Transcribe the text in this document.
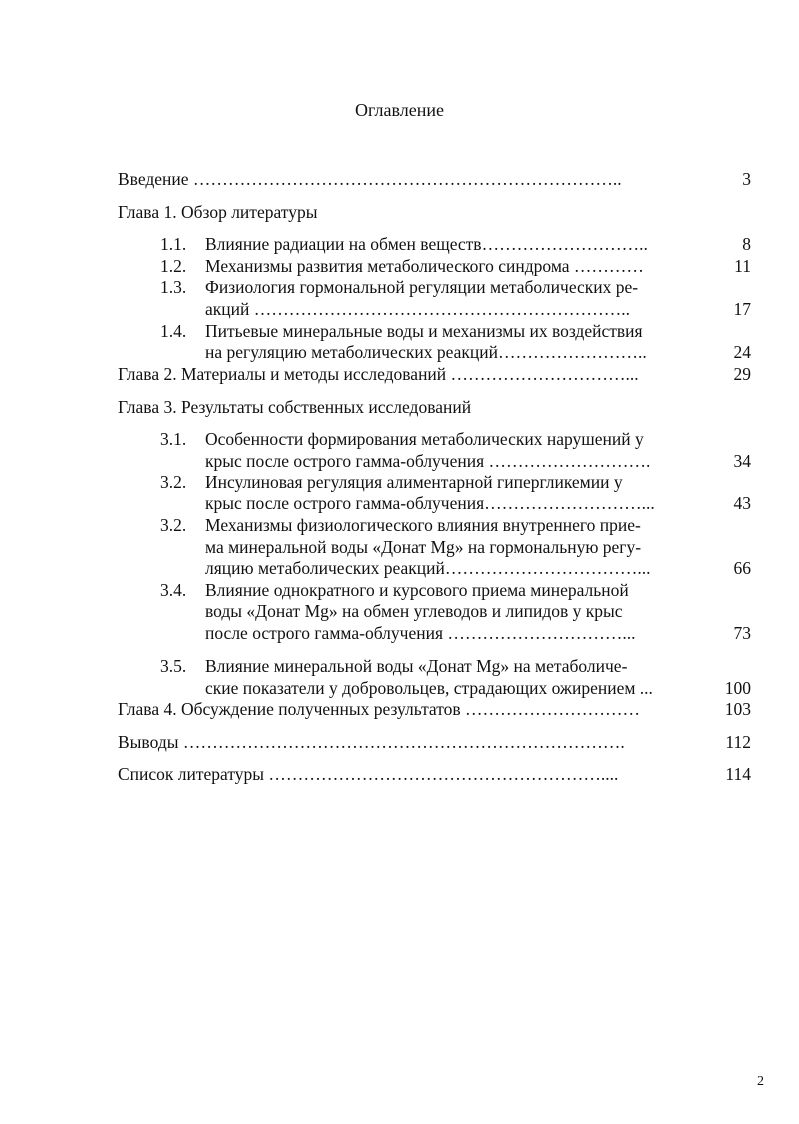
Оглавление
Введение ………………………………………………………………..	3
Глава 1. Обзор литературы
1.1. Влияние радиации на обмен веществ………………………..	8
1.2. Механизмы развития метаболического синдрома …………	11
1.3. Физиология гормональной регуляции метаболических ре-
акций ………………………………………………………..	17
1.4. Питьевые минеральные воды и механизмы их воздействия
на регуляцию метаболических реакций……………………..	24
Глава 2. Материалы и методы исследований …………………………...	29
Глава 3. Результаты собственных исследований
3.1. Особенности формирования метаболических нарушений у
крыс после острого гамма-облучения ……………………….	34
3.2. Инсулиновая регуляция алиментарной гипергликемии у
крыс после острого гамма-облучения………………………...	43
3.2. Механизмы физиологического влияния внутреннего прие-
ма минеральной воды «Донат Mg» на гормональную регу-
ляцию метаболических реакций……………………………...	66
3.4. Влияние однократного и курсового приема минеральной
воды «Донат Mg» на обмен углеводов и липидов у крыс
после острого гамма-облучения …………………………...	73
3.5. Влияние минеральной воды «Донат Mg» на метаболиче-
ские показатели у добровольцев, страдающих ожирением ...	100
Глава 4. Обсуждение полученных результатов …………………………	103
Выводы ………………………………………………………………….	112
Список литературы …………………………………………………....	114
2
